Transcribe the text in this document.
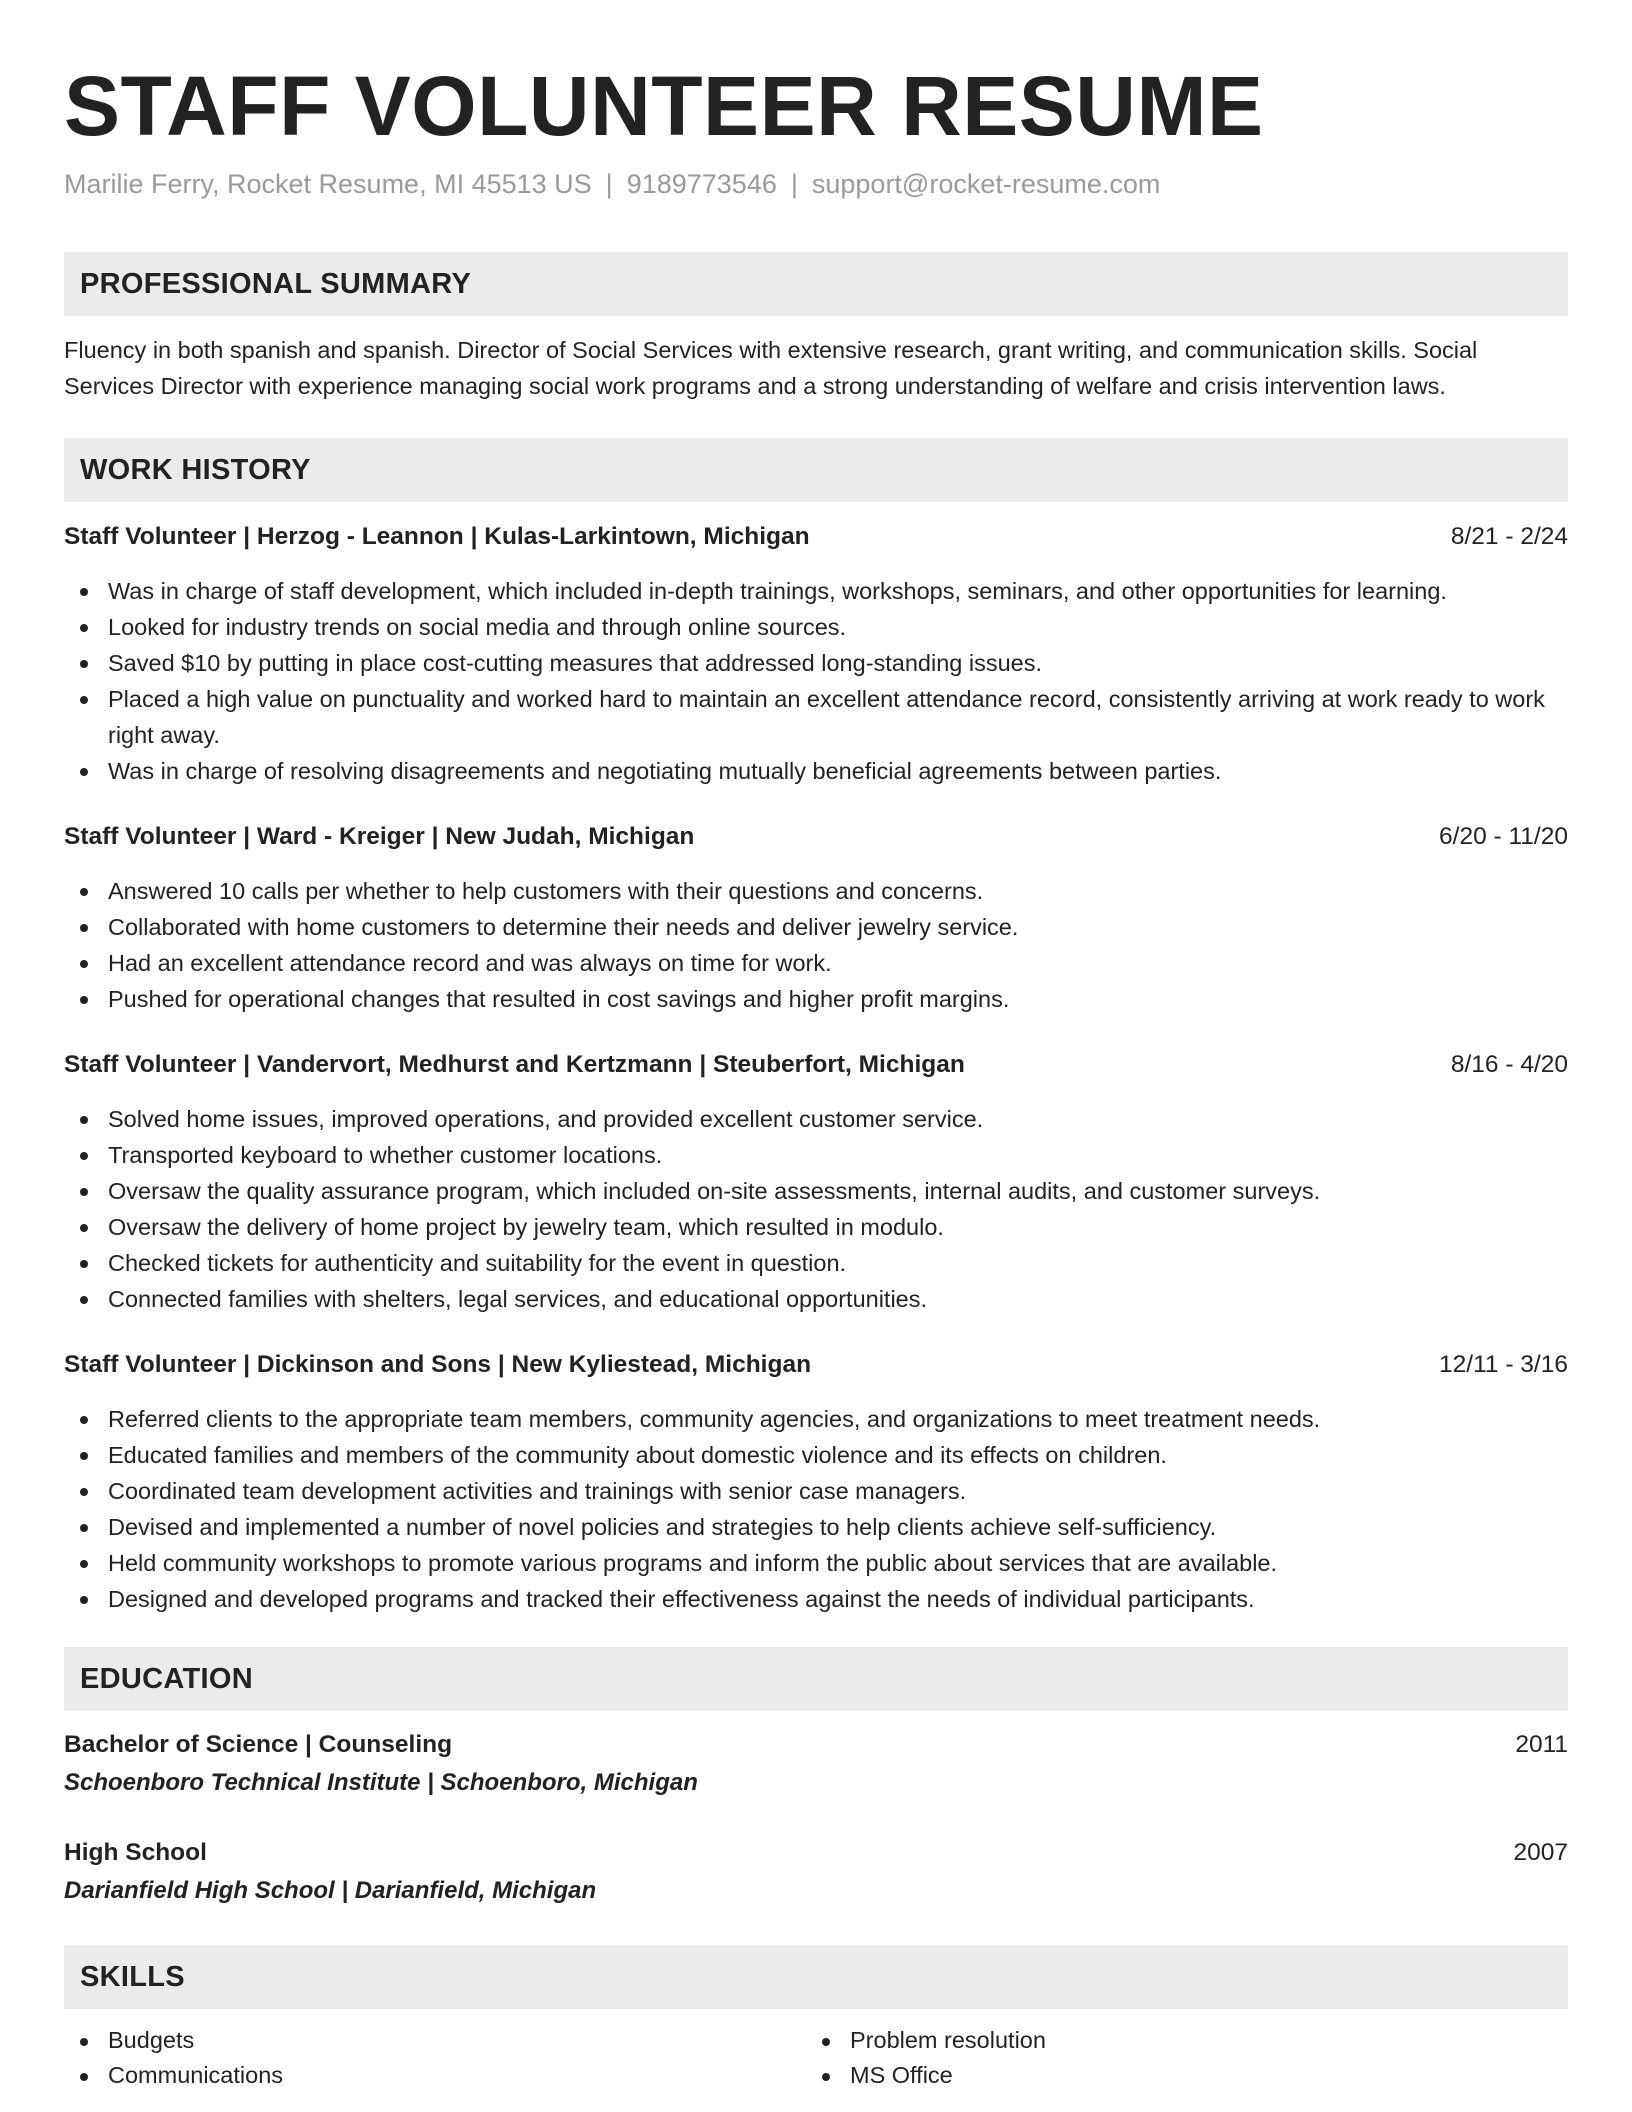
STAFF VOLUNTEER RESUME
Marilie Ferry, Rocket Resume, MI 45513 US | 9189773546 | support@rocket-resume.com
PROFESSIONAL SUMMARY

Fluency in both spanish and spanish. Director of Social Services with extensive research, grant writing, and communication skills. Social Services Director with experience managing social work programs and a strong understanding of welfare and crisis intervention laws.

WORK HISTORY
Staff Volunteer | Herzog - Leannon | Kulas-Larkintown, Michigan	8/21 - 2/24
Was in charge of staff development, which included in-depth trainings, workshops, seminars, and other opportunities for learning.
Looked for industry trends on social media and through online sources.
Saved $10 by putting in place cost-cutting measures that addressed long-standing issues.
Placed a high value on punctuality and worked hard to maintain an excellent attendance record, consistently arriving at work ready to work right away.
Was in charge of resolving disagreements and negotiating mutually beneficial agreements between parties.
Staff Volunteer | Ward - Kreiger | New Judah, Michigan	6/20 - 11/20
Answered 10 calls per whether to help customers with their questions and concerns.
Collaborated with home customers to determine their needs and deliver jewelry service.
Had an excellent attendance record and was always on time for work.
Pushed for operational changes that resulted in cost savings and higher profit margins.
Staff Volunteer | Vandervort, Medhurst and Kertzmann | Steuberfort, Michigan	8/16 - 4/20
Solved home issues, improved operations, and provided excellent customer service.
Transported keyboard to whether customer locations.
Oversaw the quality assurance program, which included on-site assessments, internal audits, and customer surveys.
Oversaw the delivery of home project by jewelry team, which resulted in modulo.
Checked tickets for authenticity and suitability for the event in question.
Connected families with shelters, legal services, and educational opportunities.
Staff Volunteer | Dickinson and Sons | New Kyliestead, Michigan	12/11 - 3/16
Referred clients to the appropriate team members, community agencies, and organizations to meet treatment needs.
Educated families and members of the community about domestic violence and its effects on children.
Coordinated team development activities and trainings with senior case managers.
Devised and implemented a number of novel policies and strategies to help clients achieve self-sufficiency.
Held community workshops to promote various programs and inform the public about services that are available.
Designed and developed programs and tracked their effectiveness against the needs of individual participants.
EDUCATION
Bachelor of Science | Counseling	2011
Schoenboro Technical Institute | Schoenboro, Michigan
High School	2007
Darianfield High School | Darianfield, Michigan
SKILLS
Budgets
Communications
Problem resolution
MS Office
